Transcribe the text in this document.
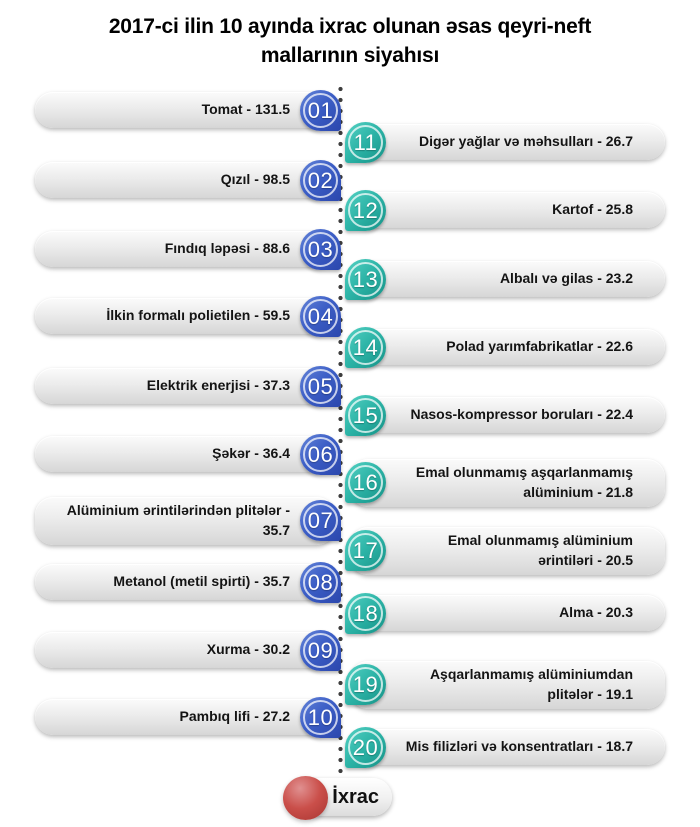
2017-ci ilin 10 ayında ixrac olunan əsas qeyri-neft mallarının siyahısı
Tomat - 131.5 01
Qızıl - 98.5 02
Fındıq ləpəsi - 88.6 03
İlkin formalı polietilen - 59.5 04
Elektrik enerjisi - 37.3 05
Şəkər - 36.4 06
Alüminium ərintilərindən plitələr - 35.7 07
Metanol (metil spirti) - 35.7 08
Xurma - 30.2 09
Pambıq lifi - 27.2 10
Digər yağlar və məhsulları - 26.7
11
Kartof - 25.8
12
Albalı və gilas - 23.2
13
Polad yarımfabrikatlar - 22.6
14
Nasos-kompressor boruları - 22.4
15
Emal olunmamış aşqarlanmamış alüminium - 21.8
16
Emal olunmamış alüminium ərintiləri - 20.5
17
Alma - 20.3
18
Aşqarlanmamış alüminiumdan plitələr - 19.1
19
Mis filizləri və konsentratları - 18.7
20
İxrac
